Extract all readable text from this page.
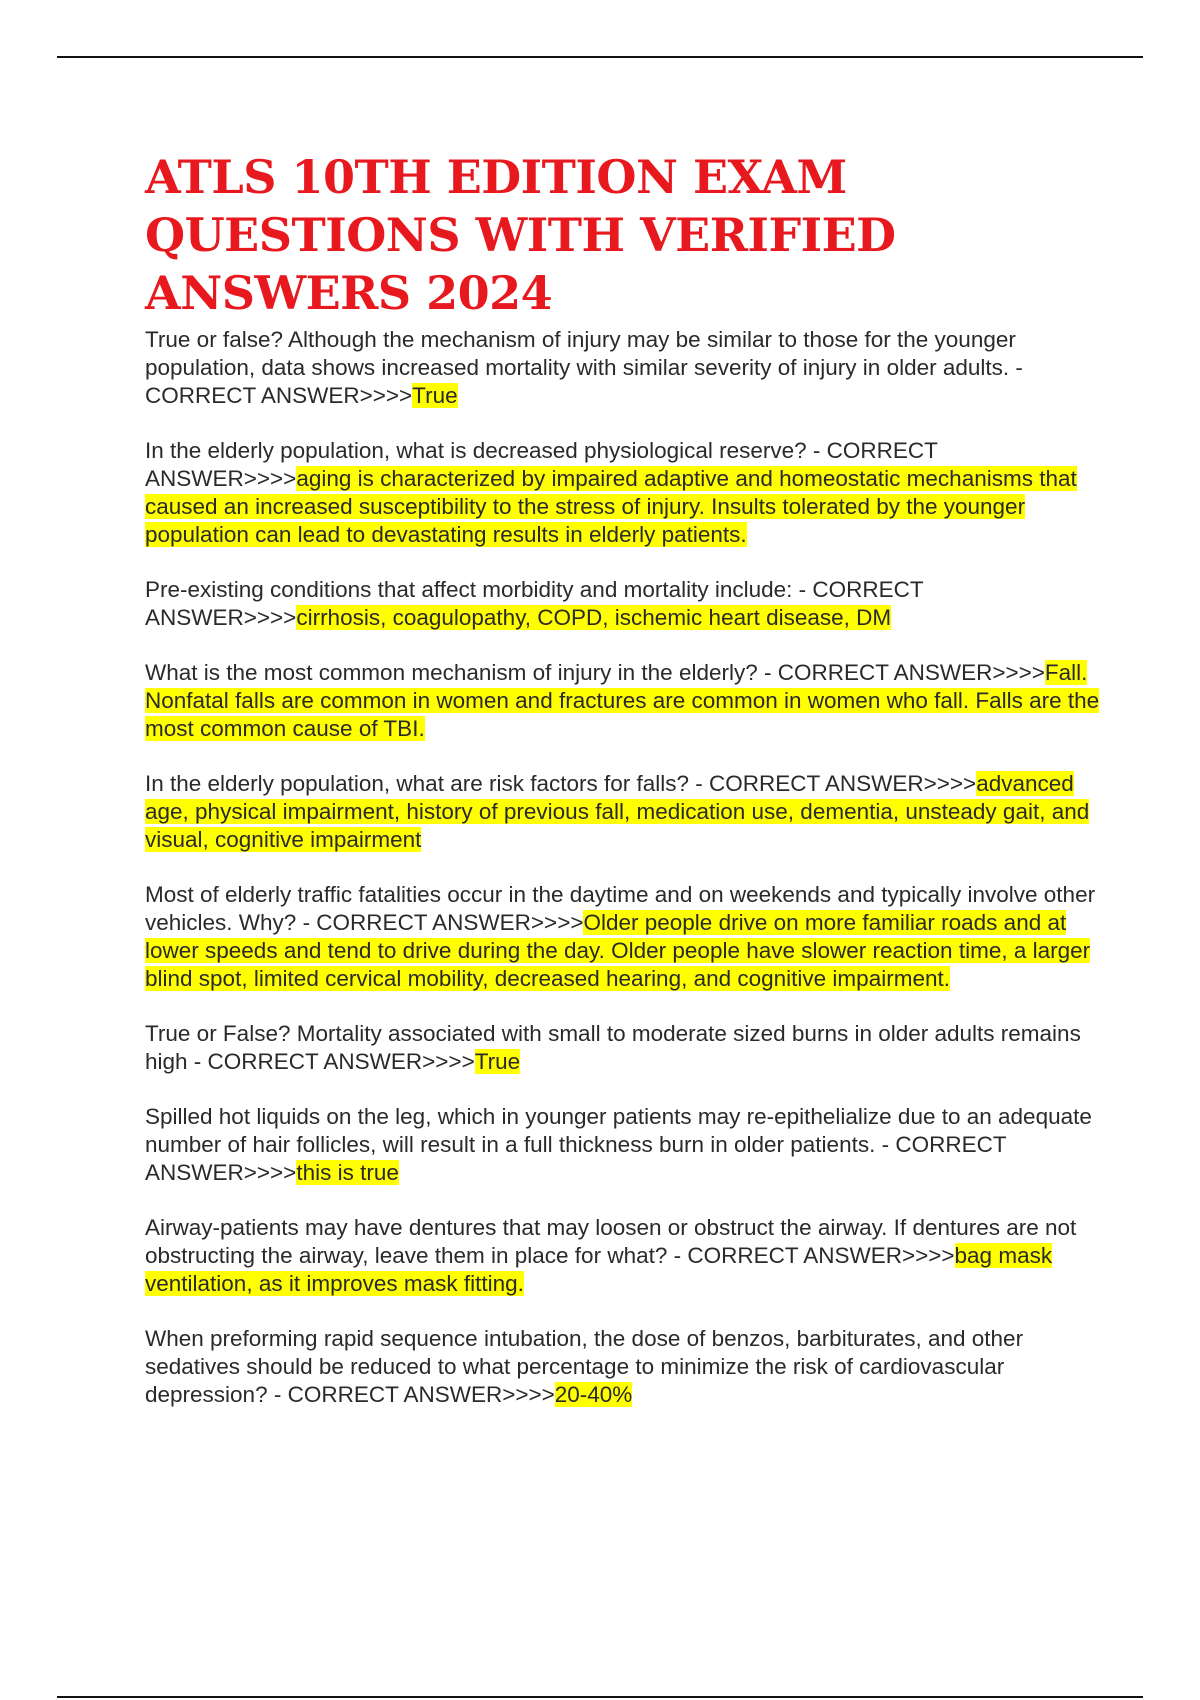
ATLS 10TH EDITION EXAM QUESTIONS WITH VERIFIED ANSWERS 2024
True or false? Although the mechanism of injury may be similar to those for the younger population, data shows increased mortality with similar severity of injury in older adults. - CORRECT ANSWER>>>>True
In the elderly population, what is decreased physiological reserve? - CORRECT ANSWER>>>>aging is characterized by impaired adaptive and homeostatic mechanisms that caused an increased susceptibility to the stress of injury. Insults tolerated by the younger population can lead to devastating results in elderly patients.
Pre-existing conditions that affect morbidity and mortality include: - CORRECT ANSWER>>>>cirrhosis, coagulopathy, COPD, ischemic heart disease, DM
What is the most common mechanism of injury in the elderly? - CORRECT ANSWER>>>>Fall. Nonfatal falls are common in women and fractures are common in women who fall. Falls are the most common cause of TBI.
In the elderly population, what are risk factors for falls? - CORRECT ANSWER>>>>advanced age, physical impairment, history of previous fall, medication use, dementia, unsteady gait, and visual, cognitive impairment
Most of elderly traffic fatalities occur in the daytime and on weekends and typically involve other vehicles. Why? - CORRECT ANSWER>>>>Older people drive on more familiar roads and at lower speeds and tend to drive during the day. Older people have slower reaction time, a larger blind spot, limited cervical mobility, decreased hearing, and cognitive impairment.
True or False? Mortality associated with small to moderate sized burns in older adults remains high - CORRECT ANSWER>>>>True
Spilled hot liquids on the leg, which in younger patients may re-epithelialize due to an adequate number of hair follicles, will result in a full thickness burn in older patients. - CORRECT ANSWER>>>>this is true
Airway-patients may have dentures that may loosen or obstruct the airway. If dentures are not obstructing the airway, leave them in place for what? - CORRECT ANSWER>>>>bag mask ventilation, as it improves mask fitting.
When preforming rapid sequence intubation, the dose of benzos, barbiturates, and other sedatives should be reduced to what percentage to minimize the risk of cardiovascular depression? - CORRECT ANSWER>>>>20-40%
